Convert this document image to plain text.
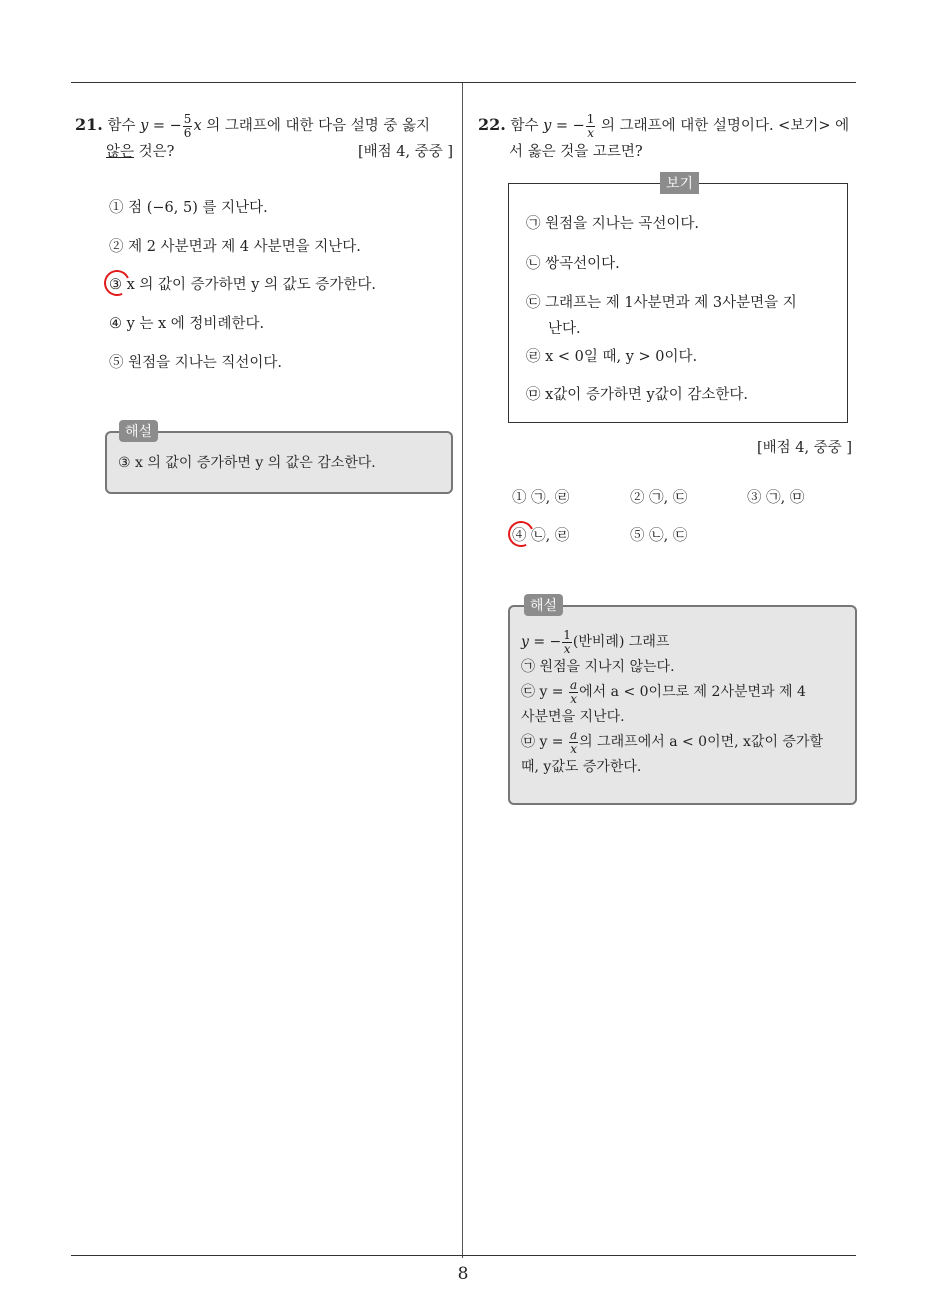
8
21. 함수 y = − $\frac{5}{6}$ x 의 그래프에 대한 다음 설명 중 옳지
않은 것은?	[배점 4, 중중 ]
① 점 (−6, 5) 를 지난다.
② 제 2 사분면과 제 4 사분면을 지난다.
③ x 의 값이 증가하면 y 의 값도 증가한다.
④ y 는 x 에 정비례한다.
⑤ 원점을 지나는 직선이다.
해설
③ x 의 값이 증가하면 y 의 값은 감소한다.
22. 함수 y = − $\frac{1}{x}$ 의 그래프에 대한 설명이다. <보기> 에
서 옳은 것을 고르면?
보기
㉠ 원점을 지나는 곡선이다.
㉡ 쌍곡선이다.
㉢ 그래프는 제 1사분면과 제 3사분면을 지
난다.
㉣ x < 0일 때, y > 0이다.
㉤ x값이 증가하면 y값이 감소한다.
[배점 4, 중중 ]
① ㉠, ㉣	② ㉠, ㉢	③ ㉠, ㉤
④ ㉡, ㉣	⑤ ㉡, ㉢
해설
y = − $\frac{1}{x}$ (반비례) 그래프
㉠ 원점을 지나지 않는다.
㉢ $y = \frac{a}{x}$ 에서 a < 0이므로 제 2사분면과 제 4
사분면을 지난다.
㉤ $y = \frac{a}{x}$ 의 그래프에서 a < 0이면, x값이 증가할
때, y값도 증가한다.
